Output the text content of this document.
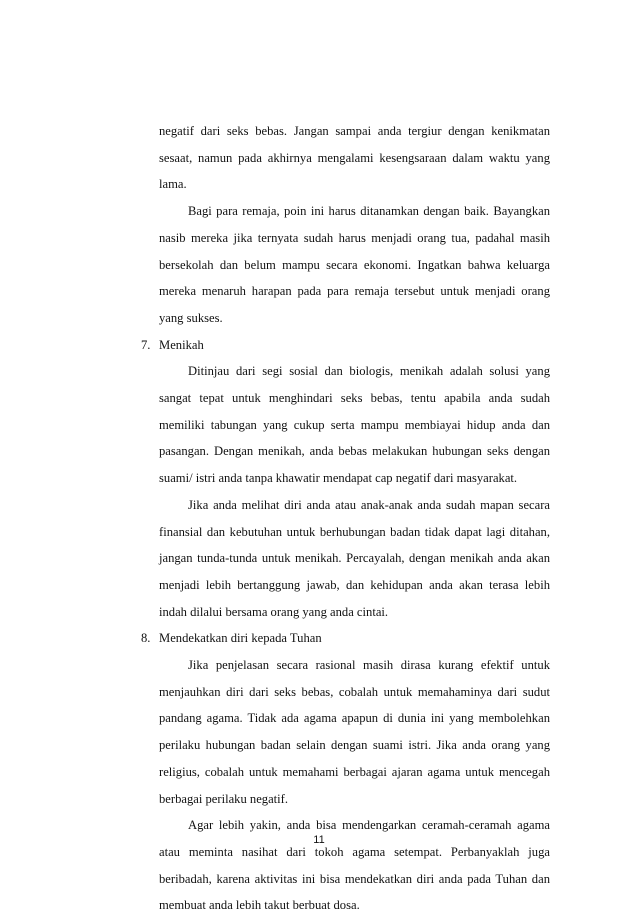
negatif dari seks bebas. Jangan sampai anda tergiur dengan kenikmatan sesaat, namun pada akhirnya mengalami kesengsaraan dalam waktu yang lama.

Bagi para remaja, poin ini harus ditanamkan dengan baik. Bayangkan nasib mereka jika ternyata sudah harus menjadi orang tua, padahal masih bersekolah dan belum mampu secara ekonomi. Ingatkan bahwa keluarga mereka menaruh harapan pada para remaja tersebut untuk menjadi orang yang sukses.

7. Menikah

Ditinjau dari segi sosial dan biologis, menikah adalah solusi yang sangat tepat untuk menghindari seks bebas, tentu apabila anda sudah memiliki tabungan yang cukup serta mampu membiayai hidup anda dan pasangan. Dengan menikah, anda bebas melakukan hubungan seks dengan suami/ istri anda tanpa khawatir mendapat cap negatif dari masyarakat.

Jika anda melihat diri anda atau anak-anak anda sudah mapan secara finansial dan kebutuhan untuk berhubungan badan tidak dapat lagi ditahan, jangan tunda-tunda untuk menikah. Percayalah, dengan menikah anda akan menjadi lebih bertanggung jawab, dan kehidupan anda akan terasa lebih indah dilalui bersama orang yang anda cintai.

8. Mendekatkan diri kepada Tuhan

Jika penjelasan secara rasional masih dirasa kurang efektif untuk menjauhkan diri dari seks bebas, cobalah untuk memahaminya dari sudut pandang agama. Tidak ada agama apapun di dunia ini yang membolehkan perilaku hubungan badan selain dengan suami istri. Jika anda orang yang religius, cobalah untuk memahami berbagai ajaran agama untuk mencegah berbagai perilaku negatif.

Agar lebih yakin, anda bisa mendengarkan ceramah-ceramah agama atau meminta nasihat dari tokoh agama setempat. Perbanyaklah juga beribadah, karena aktivitas ini bisa mendekatkan diri anda pada Tuhan dan membuat anda lebih takut berbuat dosa.

11
